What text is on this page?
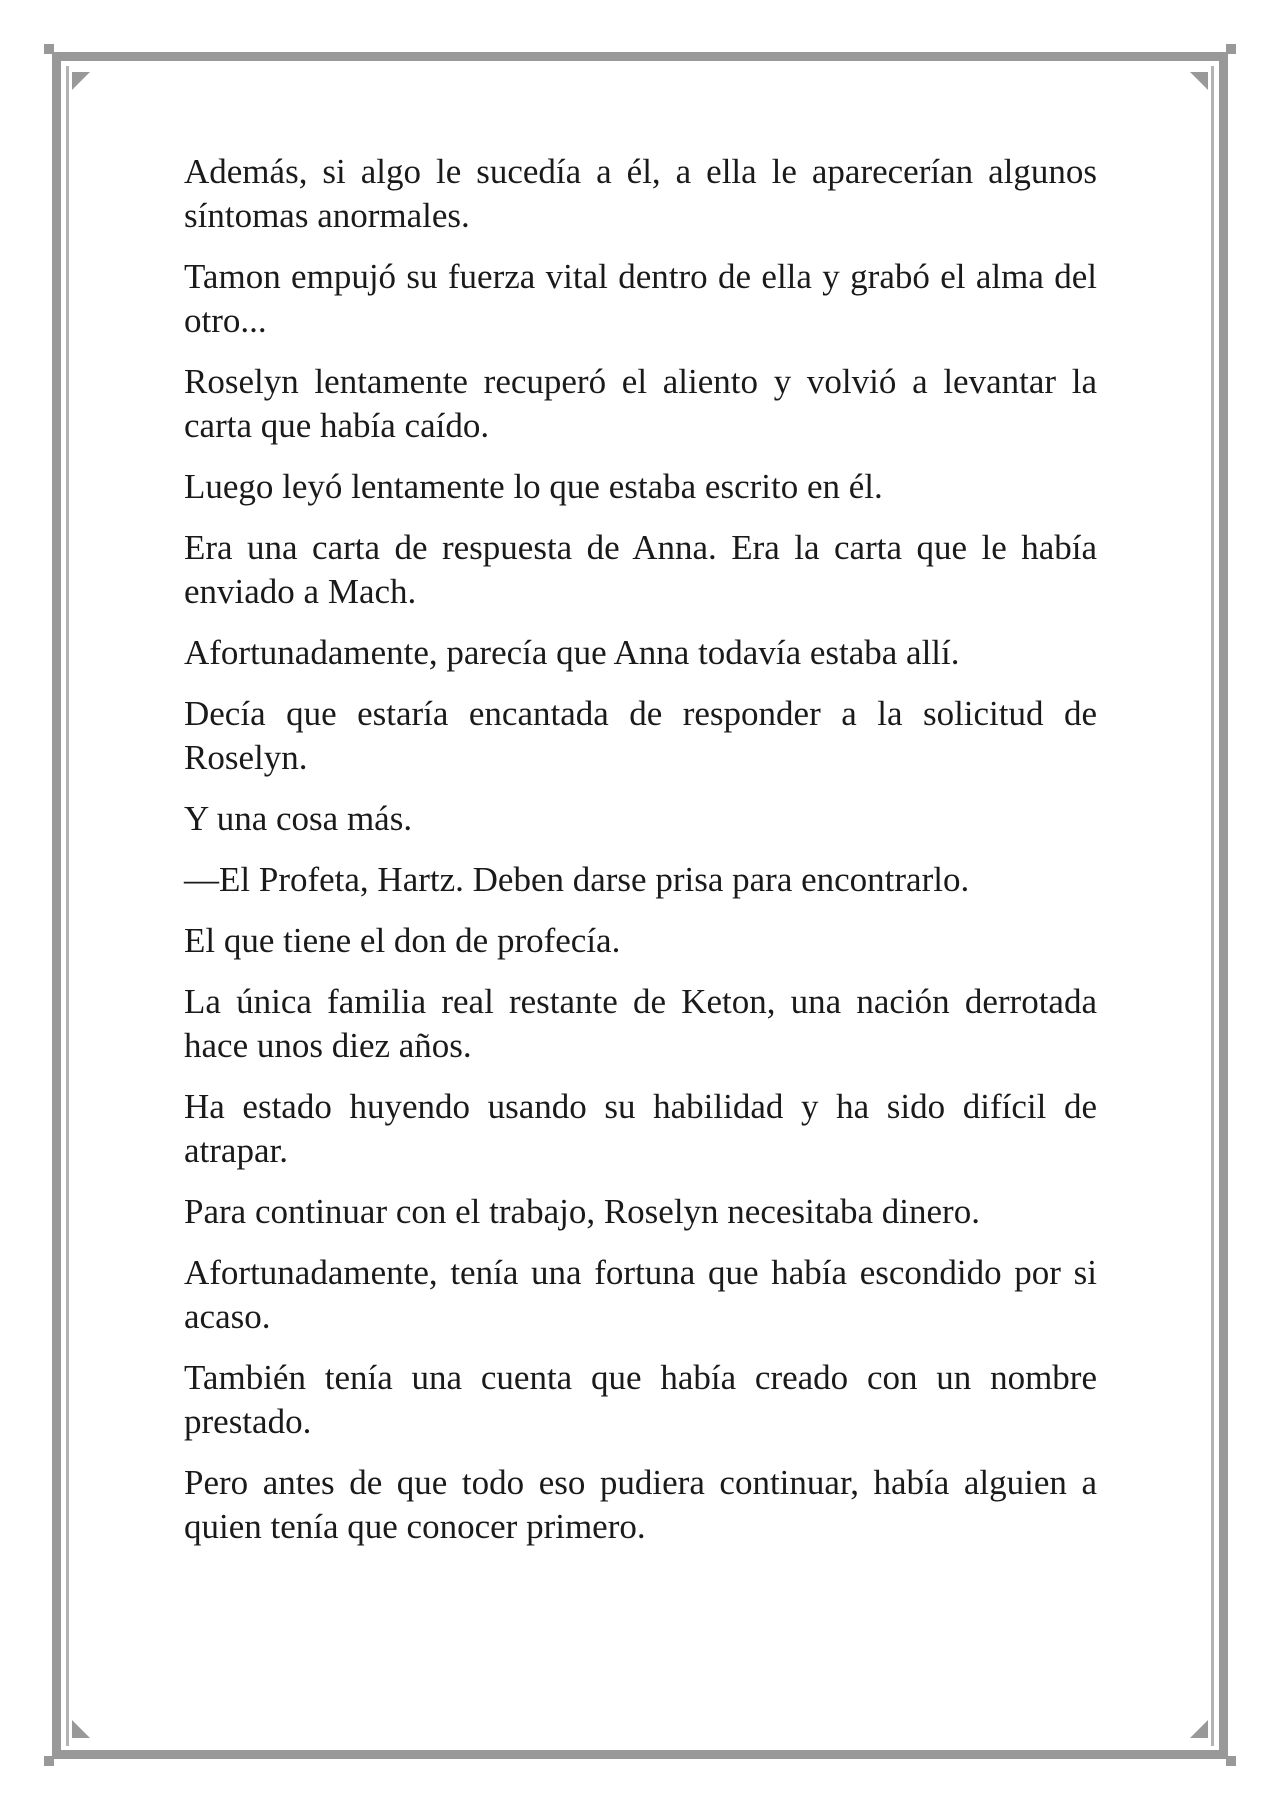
Además, si algo le sucedía a él, a ella le aparecerían algunos síntomas anormales.

Tamon empujó su fuerza vital dentro de ella y grabó el alma del otro...

Roselyn lentamente recuperó el aliento y volvió a levantar la carta que había caído.

Luego leyó lentamente lo que estaba escrito en él.

Era una carta de respuesta de Anna. Era la carta que le había enviado a Mach.

Afortunadamente, parecía que Anna todavía estaba allí.

Decía que estaría encantada de responder a la solicitud de Roselyn.

Y una cosa más.

—El Profeta, Hartz. Deben darse prisa para encontrarlo.

El que tiene el don de profecía.

La única familia real restante de Keton, una nación derrotada hace unos diez años.

Ha estado huyendo usando su habilidad y ha sido difícil de atrapar.

Para continuar con el trabajo, Roselyn necesitaba dinero.

Afortunadamente, tenía una fortuna que había escondido por si acaso.

También tenía una cuenta que había creado con un nombre prestado.

Pero antes de que todo eso pudiera continuar, había alguien a quien tenía que conocer primero.
